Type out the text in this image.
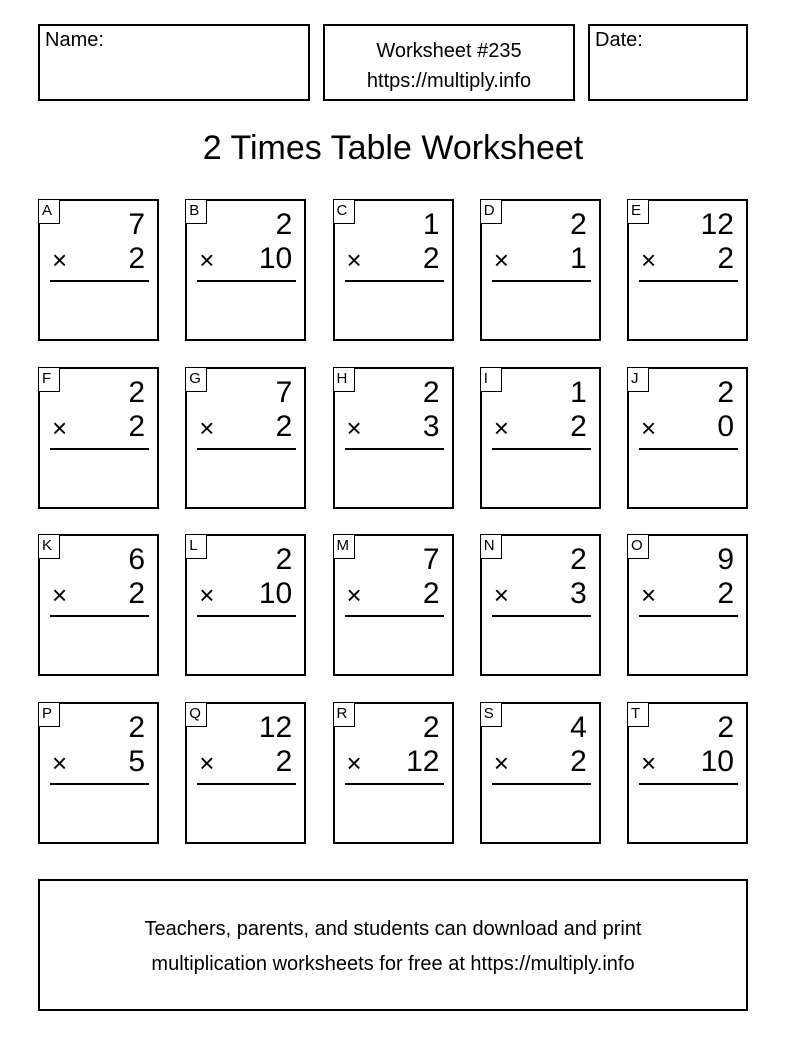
Name:	Worksheet #235
https://multiply.info
Date:
2 Times Table Worksheet
A	7
× 2
B	2
× 10
C	1
× 2
D	2
× 1
E 12
× 2
F	2
× 2
G 7
× 2
H	2
× 3
I	1
× 2
J	2
× 0
K	6
× 2
L	2
× 10
M 7
× 2
N	2
× 3
O 9
× 2
P	2
× 5
Q 12
× 2
R	2
× 12
S	4
× 2
T	2
× 10
Teachers, parents, and students can download and print
multiplication worksheets for free at https://multiply.info
